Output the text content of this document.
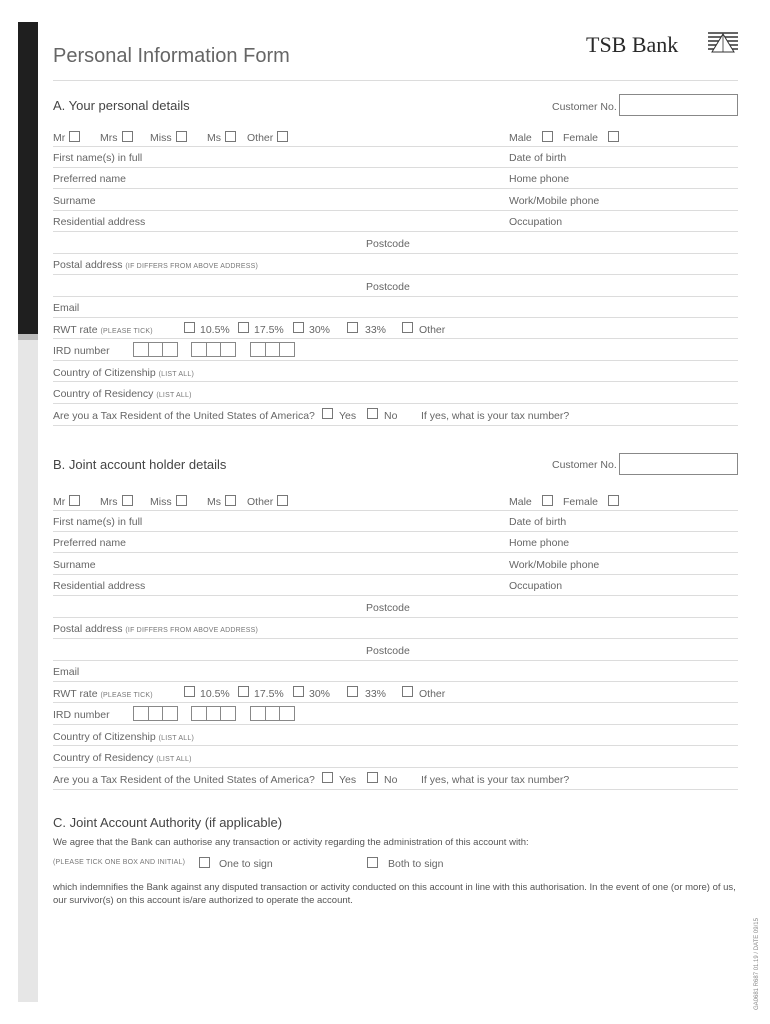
Personal Information Form	TSB Bank
A. Your personal details	Customer No.
Mr	Mrs	Miss	Ms	Other	Male	Female
First name(s) in full	Date of birth
Preferred name	Home phone
Surname	Work/Mobile phone
Residential address	Occupation
Postcode
Postal address (IF DIFFERS FROM ABOVE ADDRESS)
Postcode
Email
RWT rate (PLEASE TICK)	10.5% 17.5% 30%	33%	Other
IRD number
Country of Citizenship (LIST ALL)
Country of Residency (LIST ALL)
Are you a Tax Resident of the United States of America? Yes	No If yes, what is your tax number?
B. Joint account holder details	Customer No.
Mr	Mrs	Miss	Ms	Other	Male	Female
First name(s) in full	Date of birth
Preferred name	Home phone
Surname	Work/Mobile phone
Residential address	Occupation
Postcode
Postal address (IF DIFFERS FROM ABOVE ADDRESS)
Postcode
Email
RWT rate (PLEASE TICK)	10.5% 17.5% 30%	33%	Other
IRD number
Country of Citizenship (LIST ALL)
Country of Residency (LIST ALL)
Are you a Tax Resident of the United States of America? Yes	No If yes, what is your tax number?
C. Joint Account Authority (if applicable)
We agree that the Bank can authorise any transaction or activity regarding the administration of this account with:
(PLEASE TICK ONE BOX AND INITIAL)	One to sign	Both to sign
which indemnifies the Bank against any disputed transaction or activity conducted on this account in line with this authorisation. In the event of one (or more) of us, our survivor(s) on this account is/are authorized to operate the account.
GA0681 R687 01.19 / DATE 09/15
